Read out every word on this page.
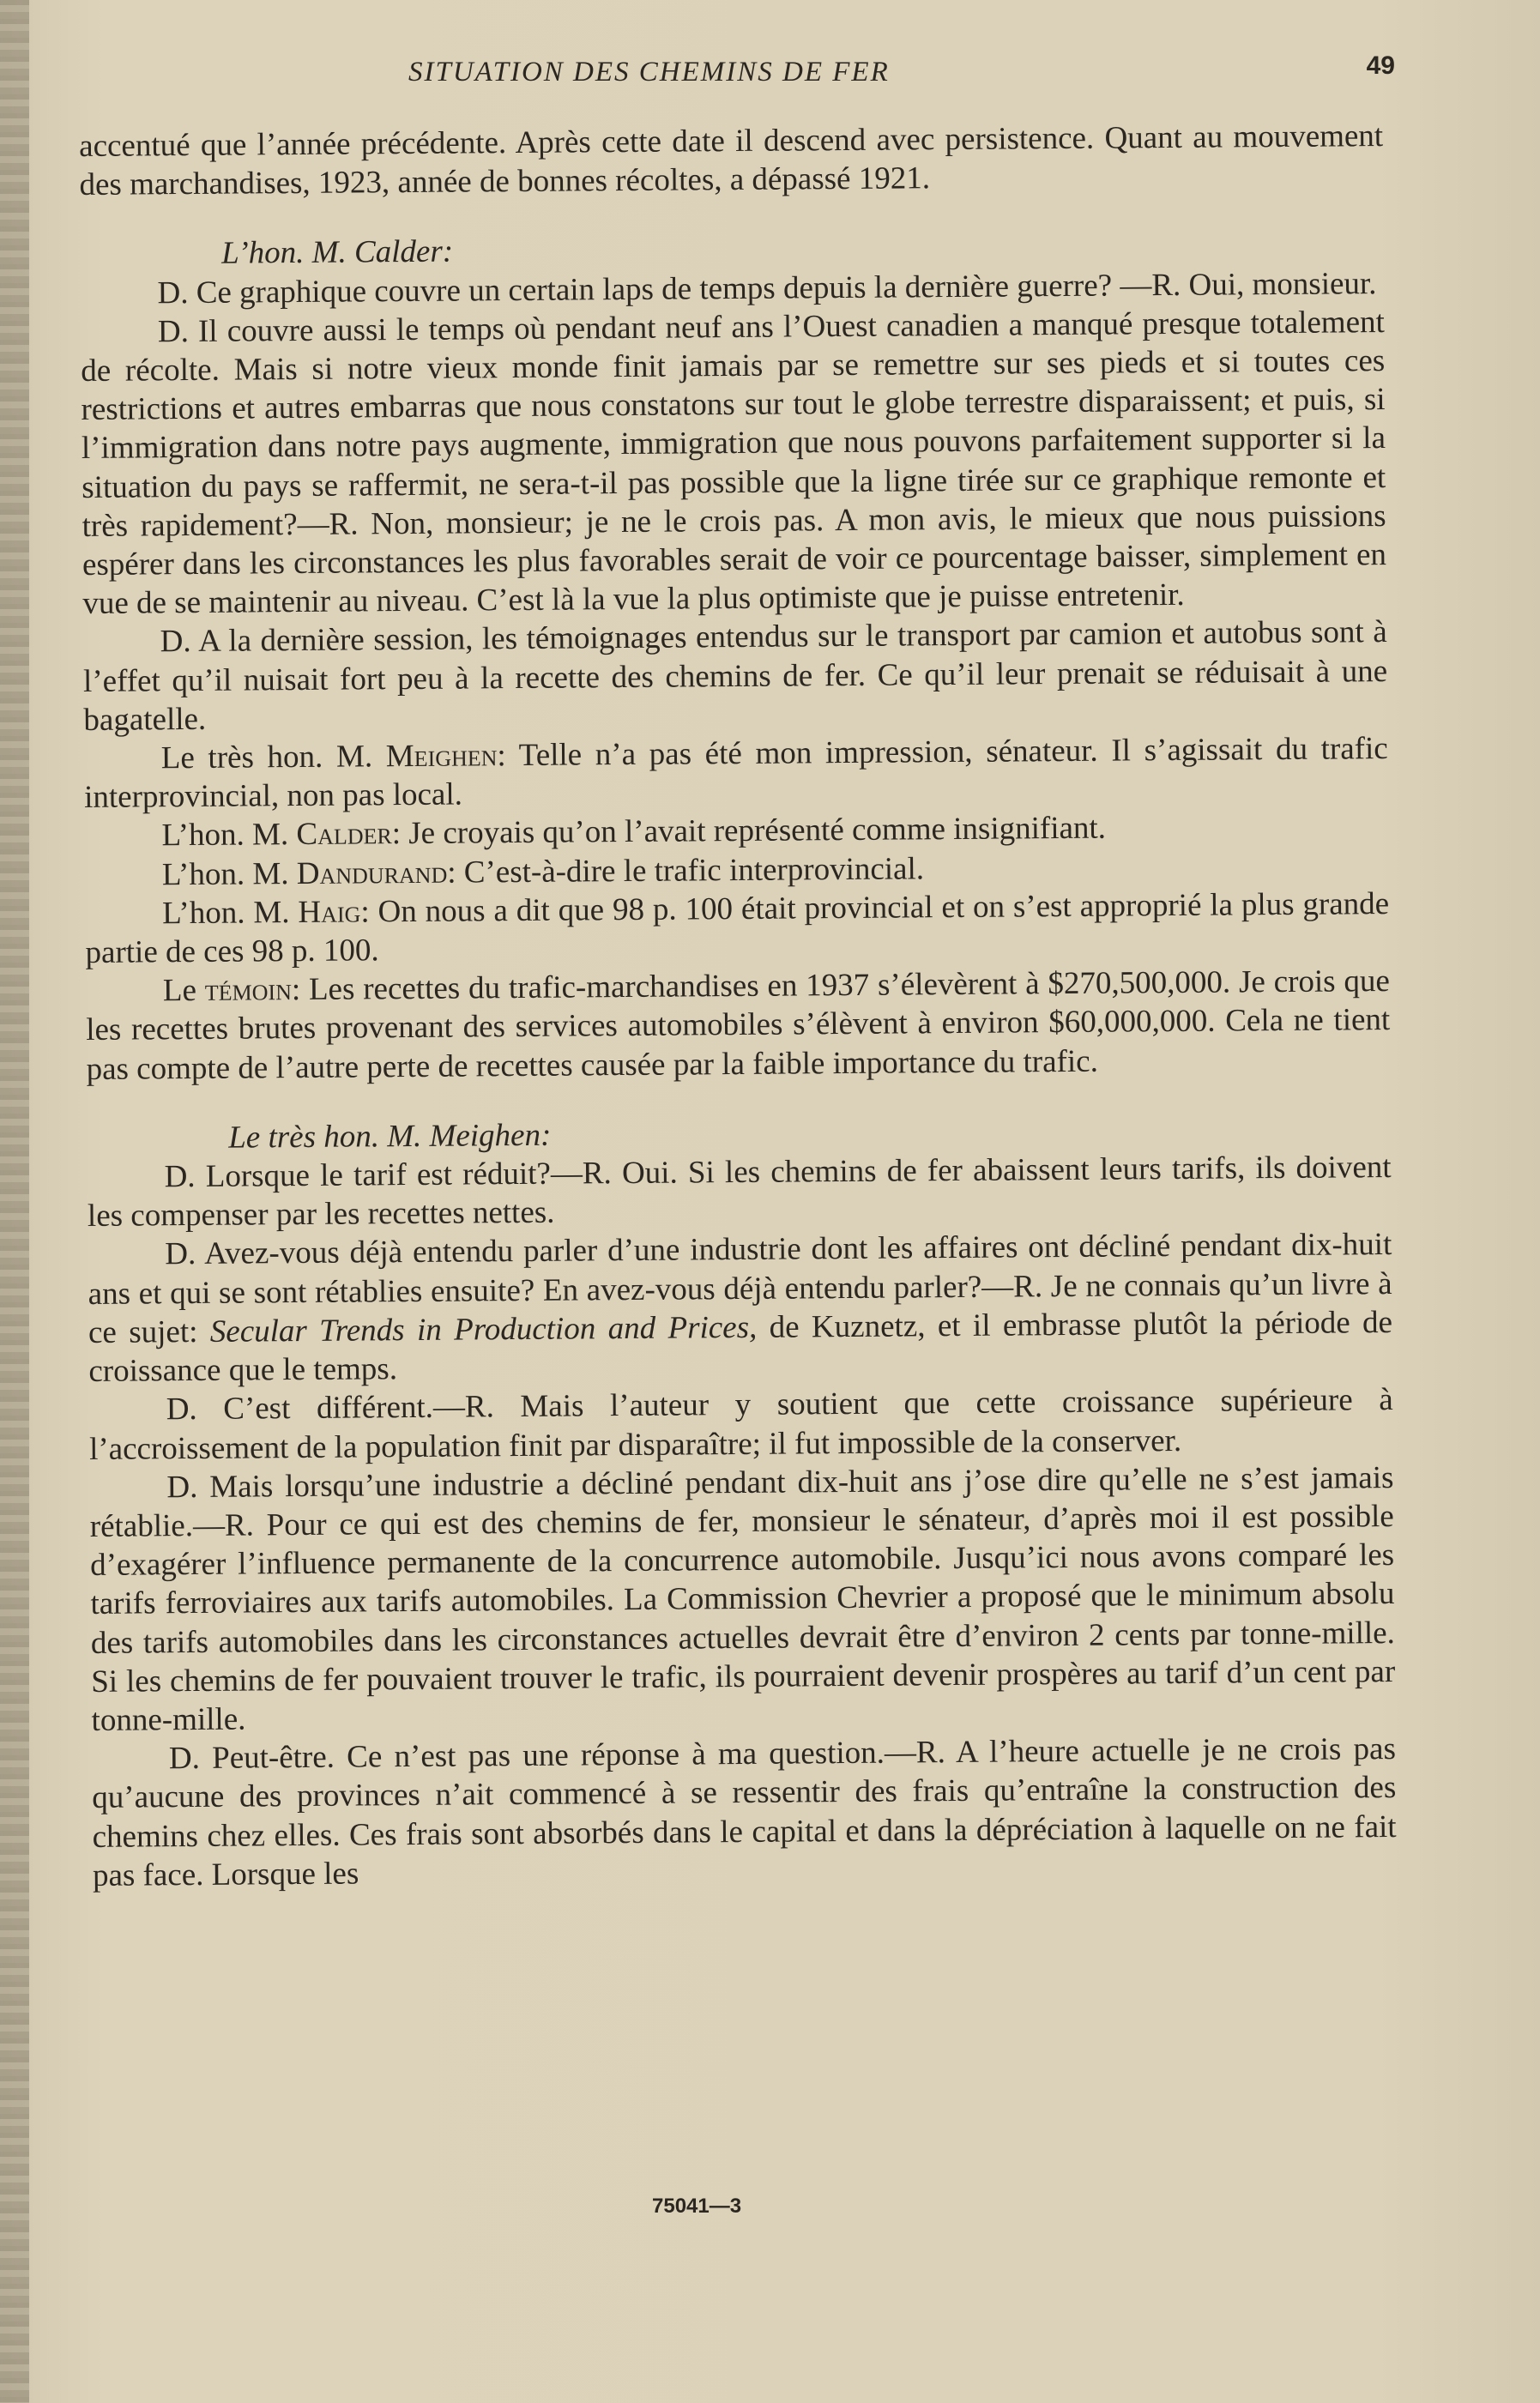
SITUATION DES CHEMINS DE FER	49

accentué que l’année précédente. Après cette date il descend avec persistence. Quant au mouvement des marchandises, 1923, année de bonnes récoltes, a dépassé 1921.

L’hon. M. Calder:

D. Ce graphique couvre un certain laps de temps depuis la dernière guerre? —R. Oui, monsieur.

D. Il couvre aussi le temps où pendant neuf ans l’Ouest canadien a manqué presque totalement de récolte. Mais si notre vieux monde finit jamais par se remettre sur ses pieds et si toutes ces restrictions et autres embarras que nous constatons sur tout le globe terrestre disparaissent; et puis, si l’immigration dans notre pays augmente, immigration que nous pouvons parfaitement supporter si la situation du pays se raffermit, ne sera-t-il pas possible que la ligne tirée sur ce graphique remonte et très rapidement?—R. Non, monsieur; je ne le crois pas. A mon avis, le mieux que nous puissions espérer dans les circonstances les plus favorables serait de voir ce pourcentage baisser, simplement en vue de se maintenir au niveau. C’est là la vue la plus optimiste que je puisse entretenir.

D. A la dernière session, les témoignages entendus sur le transport par camion et autobus sont à l’effet qu’il nuisait fort peu à la recette des chemins de fer. Ce qu’il leur prenait se réduisait à une bagatelle.

Le très hon. M. Meighen: Telle n’a pas été mon impression, sénateur. Il s’agissait du trafic interprovincial, non pas local.

L’hon. M. Calder: Je croyais qu’on l’avait représenté comme insignifiant.

L’hon. M. Dandurand: C’est-à-dire le trafic interprovincial.

L’hon. M. Haig: On nous a dit que 98 p. 100 était provincial et on s’est approprié la plus grande partie de ces 98 p. 100.

Le témoin: Les recettes du trafic-marchandises en 1937 s’élevèrent à $270,500,000. Je crois que les recettes brutes provenant des services automobiles s’élèvent à environ $60,000,000. Cela ne tient pas compte de l’autre perte de recettes causée par la faible importance du trafic.

Le très hon. M. Meighen:

D. Lorsque le tarif est réduit?—R. Oui. Si les chemins de fer abaissent leurs tarifs, ils doivent les compenser par les recettes nettes.

D. Avez-vous déjà entendu parler d’une industrie dont les affaires ont décliné pendant dix-huit ans et qui se sont rétablies ensuite? En avez-vous déjà entendu parler?—R. Je ne connais qu’un livre à ce sujet: Secular Trends in Production and Prices, de Kuznetz, et il embrasse plutôt la période de croissance que le temps.

D. C’est différent.—R. Mais l’auteur y soutient que cette croissance supérieure à l’accroissement de la population finit par disparaître; il fut impossible de la conserver.

D. Mais lorsqu’une industrie a décliné pendant dix-huit ans j’ose dire qu’elle ne s’est jamais rétablie.—R. Pour ce qui est des chemins de fer, monsieur le sénateur, d’après moi il est possible d’exagérer l’influence permanente de la concurrence automobile. Jusqu’ici nous avons comparé les tarifs ferroviaires aux tarifs automobiles. La Commission Chevrier a proposé que le minimum absolu des tarifs automobiles dans les circonstances actuelles devrait être d’environ 2 cents par tonne-mille. Si les chemins de fer pouvaient trouver le trafic, ils pourraient devenir prospères au tarif d’un cent par tonne-mille.

D. Peut-être. Ce n’est pas une réponse à ma question.—R. A l’heure actuelle je ne crois pas qu’aucune des provinces n’ait commencé à se ressentir des frais qu’entraîne la construction des chemins chez elles. Ces frais sont absorbés dans le capital et dans la dépréciation à laquelle on ne fait pas face. Lorsque les

75041—3
